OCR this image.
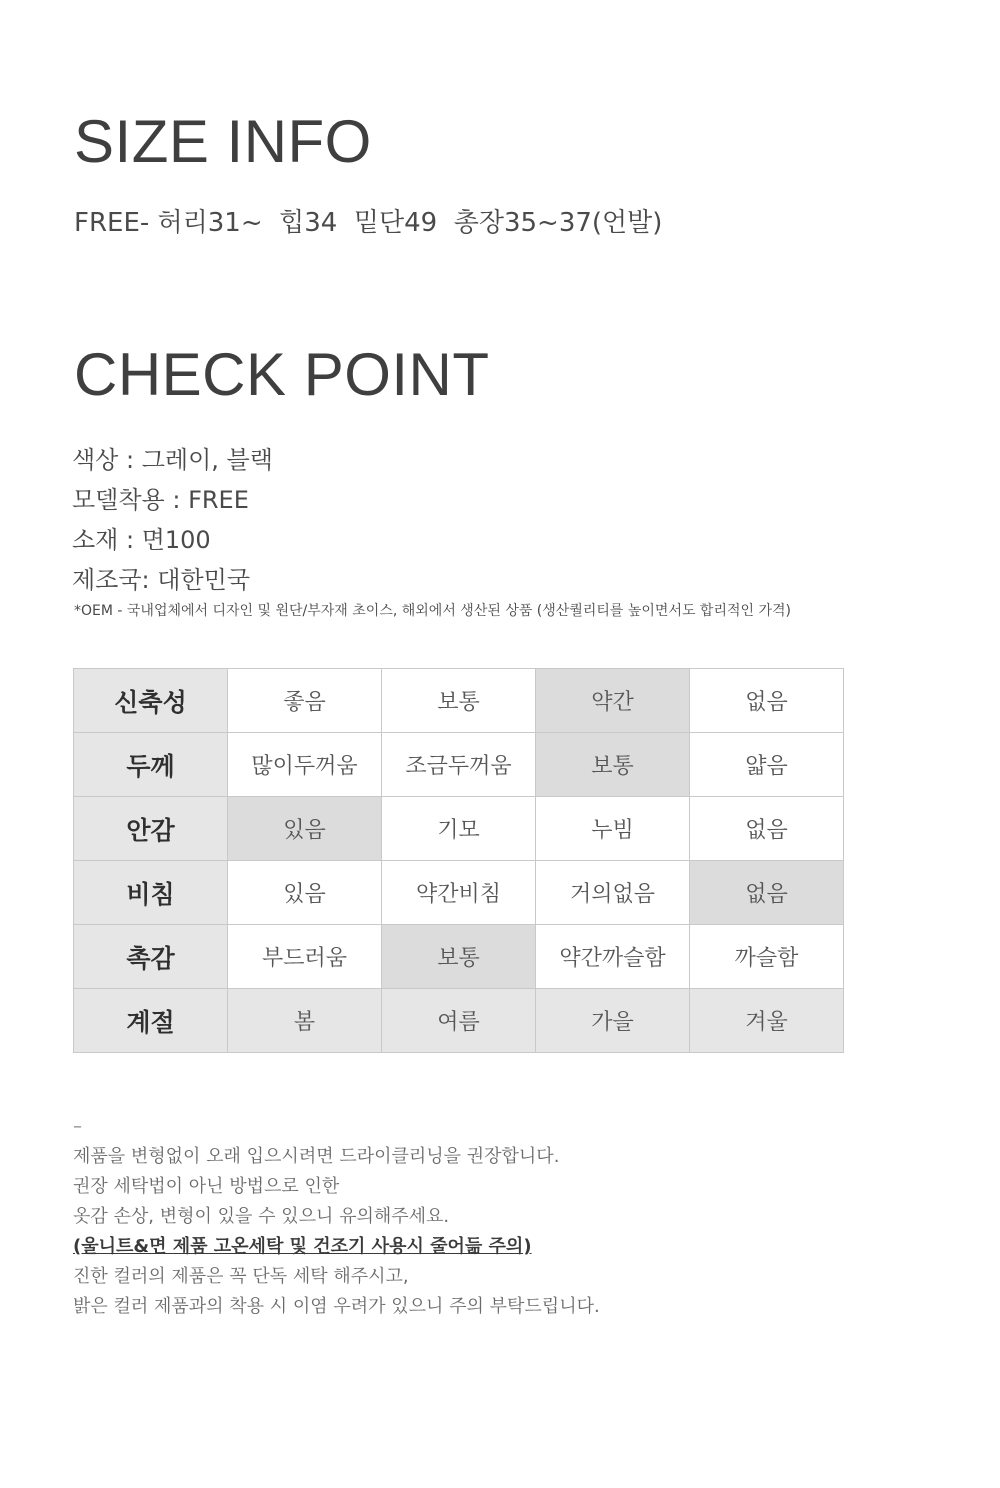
SIZE INFO
FREE- 허리31~  힙34  밑단49  총장35~37(언발)
CHECK POINT
색상 : 그레이, 블랙
모델착용 : FREE
소재 : 면100
제조국: 대한민국
*OEM - 국내업체에서 디자인 및 원단/부자재 초이스, 해외에서 생산된 상품 (생산퀄리티를 높이면서도 합리적인 가격)
신축성	좋음	보통	약간	없음
두께	많이두꺼움	조금두꺼움	보통	얇음
안감	있음	기모	누빔	없음
비침	있음	약간비침	거의없음	없음
촉감	부드러움	보통	약간까슬함	까슬함
계절	봄	여름	가을	겨울
–
제품을 변형없이 오래 입으시려면 드라이클리닝을 권장합니다.
권장 세탁법이 아닌 방법으로 인한
옷감 손상, 변형이 있을 수 있으니 유의해주세요.
(울니트&면 제품 고온세탁 및 건조기 사용시 줄어듦 주의)
진한 컬러의 제품은 꼭 단독 세탁 해주시고,
밝은 컬러 제품과의 착용 시 이염 우려가 있으니 주의 부탁드립니다.
